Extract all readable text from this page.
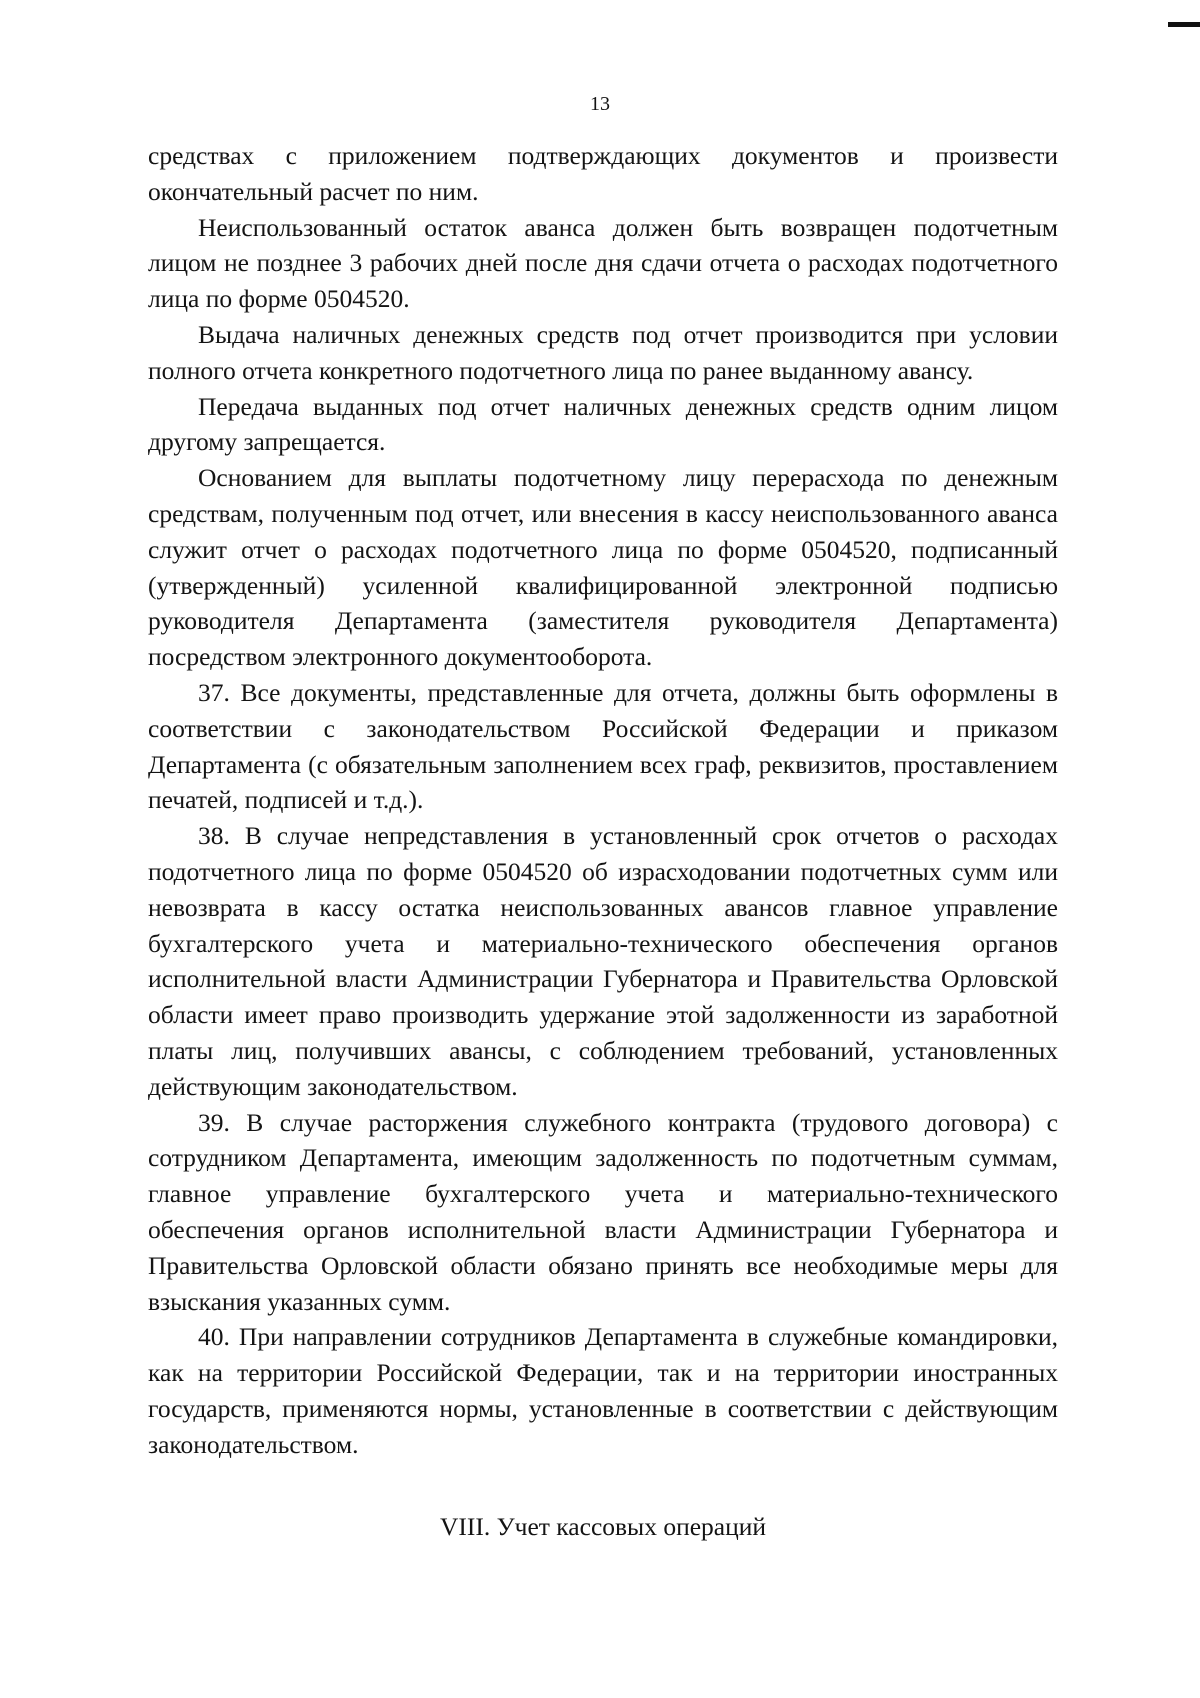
13

средствах с приложением подтверждающих документов и произвести окончательный расчет по ним.

Неиспользованный остаток аванса должен быть возвращен подотчетным лицом не позднее 3 рабочих дней после дня сдачи отчета о расходах подотчетного лица по форме 0504520.

Выдача наличных денежных средств под отчет производится при условии полного отчета конкретного подотчетного лица по ранее выданному авансу.

Передача выданных под отчет наличных денежных средств одним лицом другому запрещается.

Основанием для выплаты подотчетному лицу перерасхода по денежным средствам, полученным под отчет, или внесения в кассу неиспользованного аванса служит отчет о расходах подотчетного лица по форме 0504520, подписанный (утвержденный) усиленной квалифицированной электронной подписью руководителя Департамента (заместителя руководителя Департамента) посредством электронного документооборота.

37. Все документы, представленные для отчета, должны быть оформлены в соответствии с законодательством Российской Федерации и приказом Департамента (с обязательным заполнением всех граф, реквизитов, проставлением печатей, подписей и т.д.).

38. В случае непредставления в установленный срок отчетов о расходах подотчетного лица по форме 0504520 об израсходовании подотчетных сумм или невозврата в кассу остатка неиспользованных авансов главное управление бухгалтерского учета и материально-технического обеспечения органов исполнительной власти Администрации Губернатора и Правительства Орловской области имеет право производить удержание этой задолженности из заработной платы лиц, получивших авансы, с соблюдением требований, установленных действующим законодательством.

39. В случае расторжения служебного контракта (трудового договора) с сотрудником Департамента, имеющим задолженность по подотчетным суммам, главное управление бухгалтерского учета и материально-технического обеспечения органов исполнительной власти Администрации Губернатора и Правительства Орловской области обязано принять все необходимые меры для взыскания указанных сумм.

40. При направлении сотрудников Департамента в служебные командировки, как на территории Российской Федерации, так и на территории иностранных государств, применяются нормы, установленные в соответствии с действующим законодательством.

VIII. Учет кассовых операций
